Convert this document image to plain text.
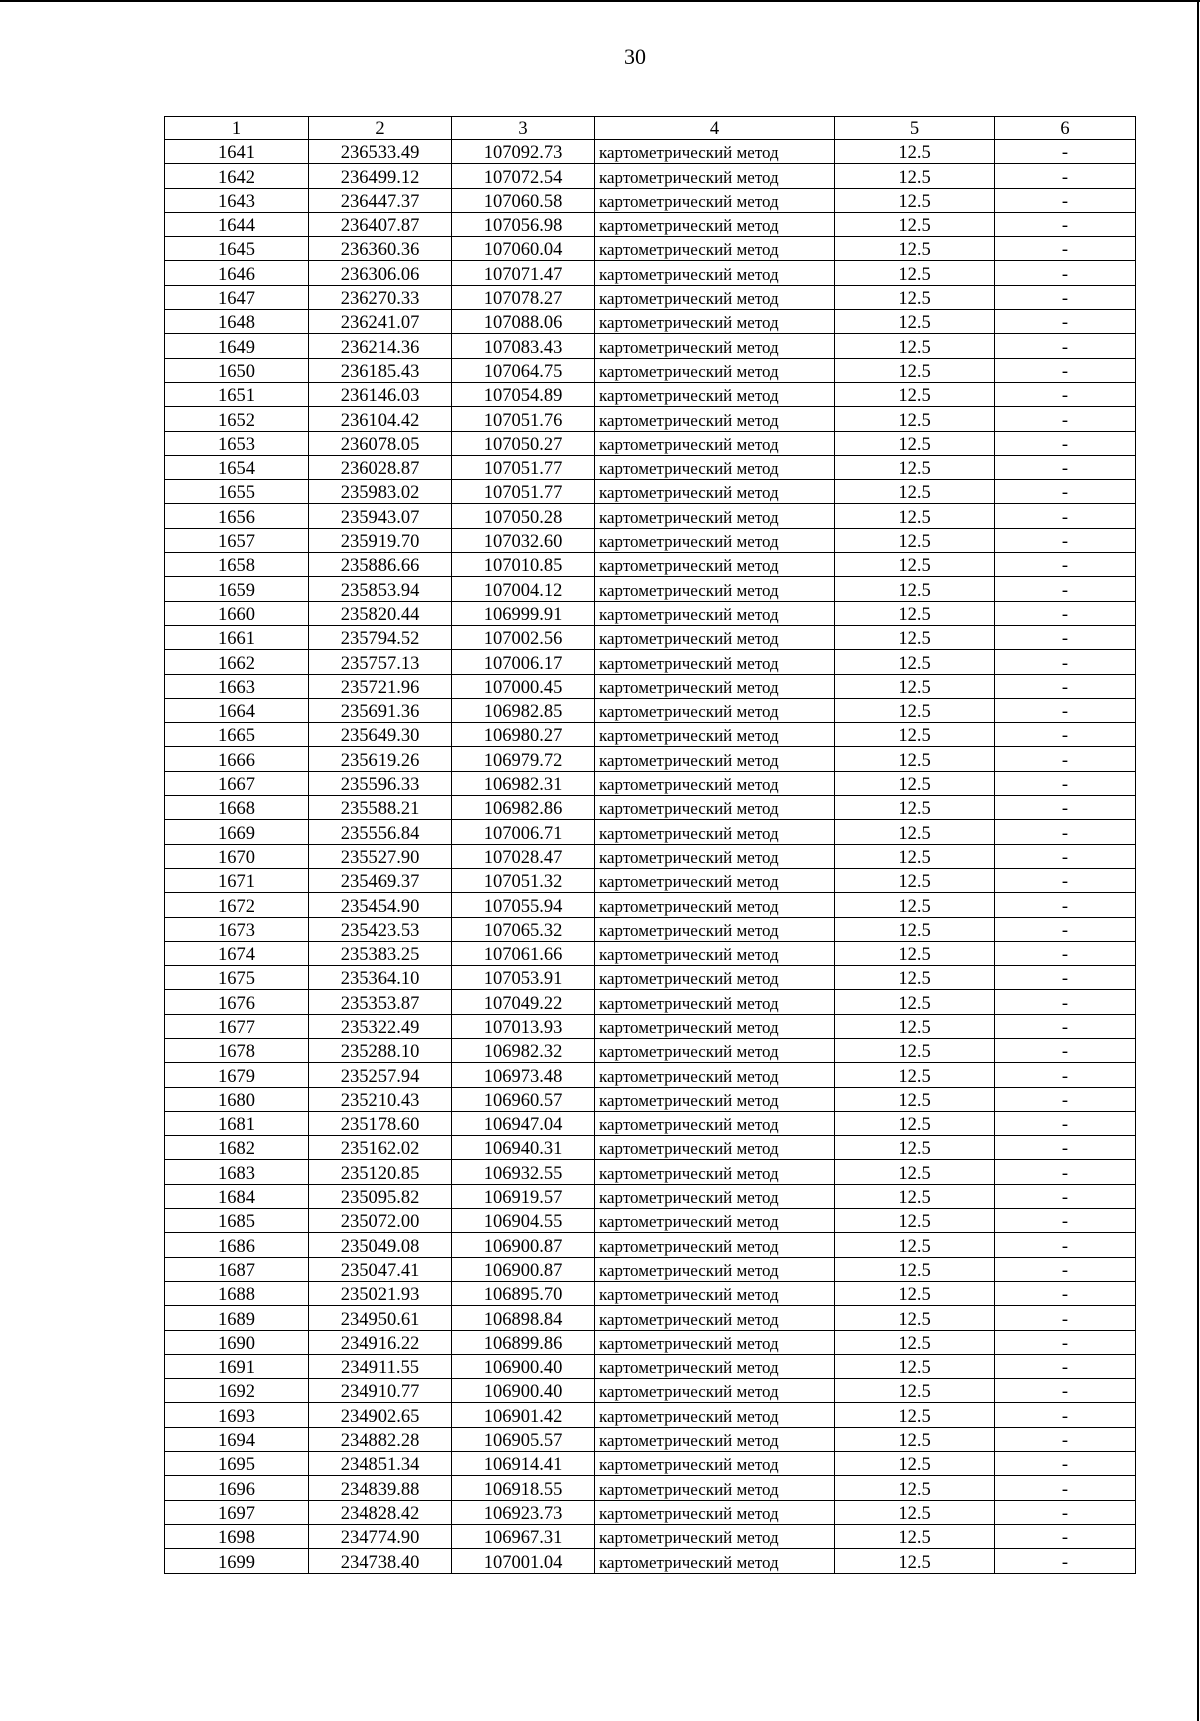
30
1	2	3	4	5	6
1641	236533.49	107092.73	картометрический метод	12.5	-
1642	236499.12	107072.54	картометрический метод	12.5	-
1643	236447.37	107060.58	картометрический метод	12.5	-
1644	236407.87	107056.98	картометрический метод	12.5	-
1645	236360.36	107060.04	картометрический метод	12.5	-
1646	236306.06	107071.47	картометрический метод	12.5	-
1647	236270.33	107078.27	картометрический метод	12.5	-
1648	236241.07	107088.06	картометрический метод	12.5	-
1649	236214.36	107083.43	картометрический метод	12.5	-
1650	236185.43	107064.75	картометрический метод	12.5	-
1651	236146.03	107054.89	картометрический метод	12.5	-
1652	236104.42	107051.76	картометрический метод	12.5	-
1653	236078.05	107050.27	картометрический метод	12.5	-
1654	236028.87	107051.77	картометрический метод	12.5	-
1655	235983.02	107051.77	картометрический метод	12.5	-
1656	235943.07	107050.28	картометрический метод	12.5	-
1657	235919.70	107032.60	картометрический метод	12.5	-
1658	235886.66	107010.85	картометрический метод	12.5	-
1659	235853.94	107004.12	картометрический метод	12.5	-
1660	235820.44	106999.91	картометрический метод	12.5	-
1661	235794.52	107002.56	картометрический метод	12.5	-
1662	235757.13	107006.17	картометрический метод	12.5	-
1663	235721.96	107000.45	картометрический метод	12.5	-
1664	235691.36	106982.85	картометрический метод	12.5	-
1665	235649.30	106980.27	картометрический метод	12.5	-
1666	235619.26	106979.72	картометрический метод	12.5	-
1667	235596.33	106982.31	картометрический метод	12.5	-
1668	235588.21	106982.86	картометрический метод	12.5	-
1669	235556.84	107006.71	картометрический метод	12.5	-
1670	235527.90	107028.47	картометрический метод	12.5	-
1671	235469.37	107051.32	картометрический метод	12.5	-
1672	235454.90	107055.94	картометрический метод	12.5	-
1673	235423.53	107065.32	картометрический метод	12.5	-
1674	235383.25	107061.66	картометрический метод	12.5	-
1675	235364.10	107053.91	картометрический метод	12.5	-
1676	235353.87	107049.22	картометрический метод	12.5	-
1677	235322.49	107013.93	картометрический метод	12.5	-
1678	235288.10	106982.32	картометрический метод	12.5	-
1679	235257.94	106973.48	картометрический метод	12.5	-
1680	235210.43	106960.57	картометрический метод	12.5	-
1681	235178.60	106947.04	картометрический метод	12.5	-
1682	235162.02	106940.31	картометрический метод	12.5	-
1683	235120.85	106932.55	картометрический метод	12.5	-
1684	235095.82	106919.57	картометрический метод	12.5	-
1685	235072.00	106904.55	картометрический метод	12.5	-
1686	235049.08	106900.87	картометрический метод	12.5	-
1687	235047.41	106900.87	картометрический метод	12.5	-
1688	235021.93	106895.70	картометрический метод	12.5	-
1689	234950.61	106898.84	картометрический метод	12.5	-
1690	234916.22	106899.86	картометрический метод	12.5	-
1691	234911.55	106900.40	картометрический метод	12.5	-
1692	234910.77	106900.40	картометрический метод	12.5	-
1693	234902.65	106901.42	картометрический метод	12.5	-
1694	234882.28	106905.57	картометрический метод	12.5	-
1695	234851.34	106914.41	картометрический метод	12.5	-
1696	234839.88	106918.55	картометрический метод	12.5	-
1697	234828.42	106923.73	картометрический метод	12.5	-
1698	234774.90	106967.31	картометрический метод	12.5	-
1699	234738.40	107001.04	картометрический метод	12.5	-
